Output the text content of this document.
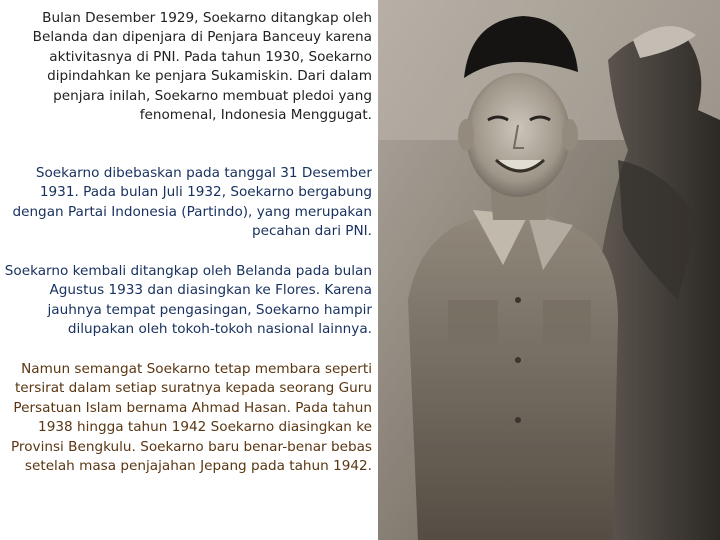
Bulan Desember 1929, Soekarno ditangkap oleh Belanda dan dipenjara di Penjara Banceuy karena aktivitasnya di PNI. Pada tahun 1930, Soekarno dipindahkan ke penjara Sukamiskin. Dari dalam penjara inilah, Soekarno membuat pledoi yang fenomenal, Indonesia Menggugat.

Soekarno dibebaskan pada tanggal 31 Desember 1931. Pada bulan Juli 1932, Soekarno bergabung dengan Partai Indonesia (Partindo), yang merupakan pecahan dari PNI.

Soekarno kembali ditangkap oleh Belanda pada bulan Agustus 1933 dan diasingkan ke Flores. Karena jauhnya tempat pengasingan, Soekarno hampir dilupakan oleh tokoh-tokoh nasional lainnya.

Namun semangat Soekarno tetap membara seperti tersirat dalam setiap suratnya kepada seorang Guru Persatuan Islam bernama Ahmad Hasan. Pada tahun 1938 hingga tahun 1942 Soekarno diasingkan ke Provinsi Bengkulu. Soekarno baru benar-benar bebas setelah masa penjajahan Jepang pada tahun 1942.
